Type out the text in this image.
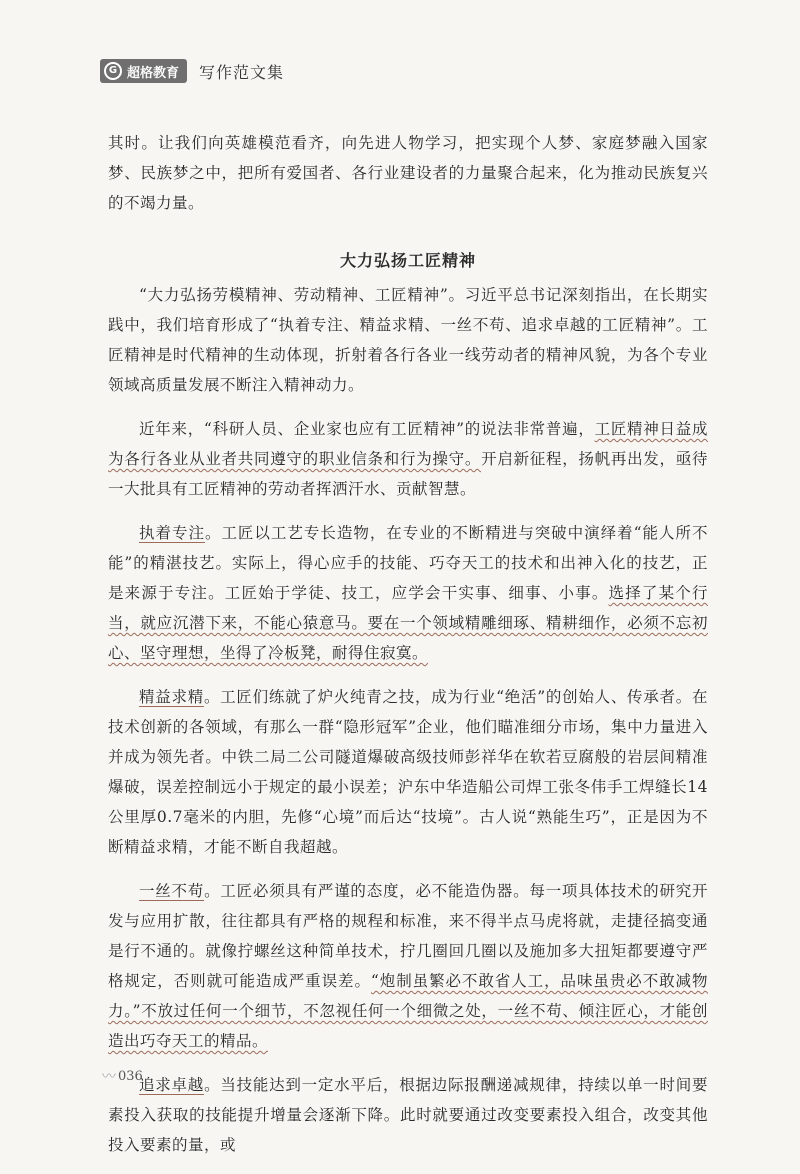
G 超格教育 写作范文集

其时。让我们向英雄模范看齐，向先进人物学习，把实现个人梦、家庭梦融入国家梦、民族梦之中，把所有爱国者、各行业建设者的力量聚合起来，化为推动民族复兴的不竭力量。

大力弘扬工匠精神

“大力弘扬劳模精神、劳动精神、工匠精神”。习近平总书记深刻指出，在长期实践中，我们培育形成了“执着专注、精益求精、一丝不苟、追求卓越的工匠精神”。工匠精神是时代精神的生动体现，折射着各行各业一线劳动者的精神风貌，为各个专业领域高质量发展不断注入精神动力。

近年来，“科研人员、企业家也应有工匠精神”的说法非常普遍，工匠精神日益成为各行各业从业者共同遵守的职业信条和行为操守。开启新征程，扬帆再出发，亟待一大批具有工匠精神的劳动者挥洒汗水、贡献智慧。

执着专注。工匠以工艺专长造物，在专业的不断精进与突破中演绎着“能人所不能”的精湛技艺。实际上，得心应手的技能、巧夺天工的技术和出神入化的技艺，正是来源于专注。工匠始于学徒、技工，应学会干实事、细事、小事。选择了某个行当，就应沉潜下来，不能心猿意马。要在一个领域精雕细琢、精耕细作，必须不忘初心、坚守理想，坐得了冷板凳，耐得住寂寞。

精益求精。工匠们练就了炉火纯青之技，成为行业“绝活”的创始人、传承者。在技术创新的各领域，有那么一群“隐形冠军”企业，他们瞄准细分市场，集中力量进入并成为领先者。中铁二局二公司隧道爆破高级技师彭祥华在软若豆腐般的岩层间精准爆破，误差控制远小于规定的最小误差；沪东中华造船公司焊工张冬伟手工焊缝长14公里厚0.7毫米的内胆，先修“心境”而后达“技境”。古人说“熟能生巧”，正是因为不断精益求精，才能不断自我超越。

一丝不苟。工匠必须具有严谨的态度，必不能造伪器。每一项具体技术的研究开发与应用扩散，往往都具有严格的规程和标准，来不得半点马虎将就，走捷径搞变通是行不通的。就像拧螺丝这种简单技术，拧几圈回几圈以及施加多大扭矩都要遵守严格规定，否则就可能造成严重误差。“炮制虽繁必不敢省人工，品味虽贵必不敢减物力。”不放过任何一个细节，不忽视任何一个细微之处，一丝不苟、倾注匠心，才能创造出巧夺天工的精品。

追求卓越。当技能达到一定水平后，根据边际报酬递减规律，持续以单一时间要素投入获取的技能提升增量会逐渐下降。此时就要通过改变要素投入组合，改变其他投入要素的量，或

〰 036
